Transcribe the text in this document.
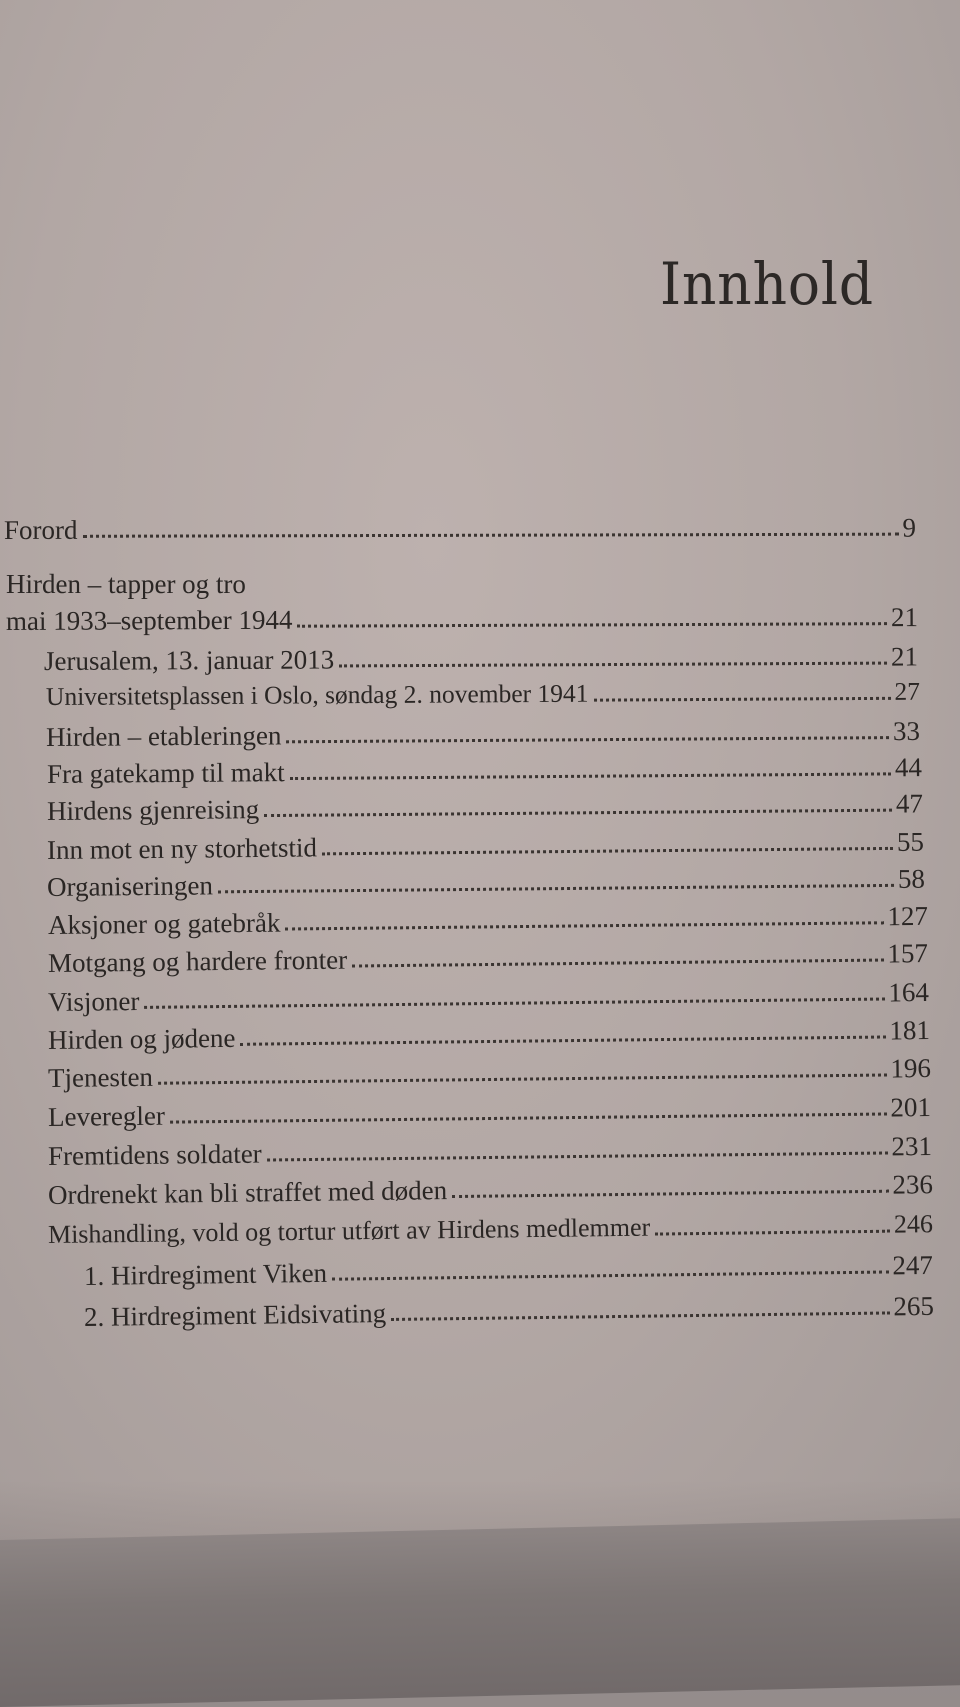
Innhold
Forord	9
Hirden – tapper og tro
mai 1933–september 1944	21
Jerusalem, 13. januar 2013	21
Universitetsplassen i Oslo, søndag 2. november 1941	27
Hirden – etableringen	33
Fra gatekamp til makt	44
Hirdens gjenreising	47
Inn mot en ny storhetstid	55
Organiseringen	58
Aksjoner og gatebråk	127
Motgang og hardere fronter	157
Visjoner	164
Hirden og jødene	181
Tjenesten	196
Leveregler	201
Fremtidens soldater	231
Ordrenekt kan bli straffet med døden	236
Mishandling, vold og tortur utført av Hirdens medlemmer	246
1. Hirdregiment Viken	247
2. Hirdregiment Eidsivating	265
